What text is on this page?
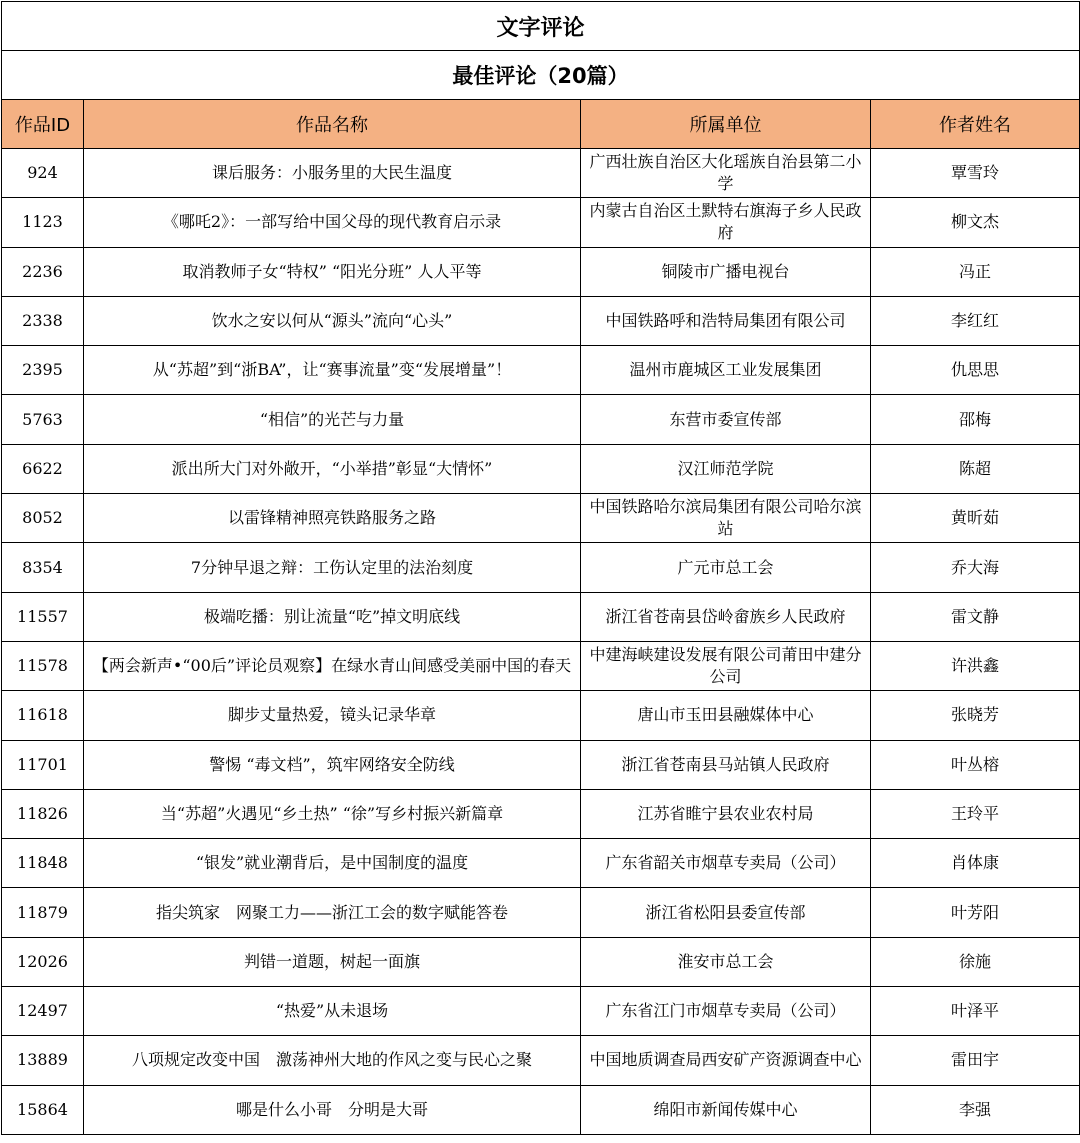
文字评论			
最佳评论（20篇）			
作品ID	作品名称	所属单位	作者姓名
924	课后服务：小服务里的大民生温度	广西壮族自治区大化瑶族自治县第二小学	覃雪玲
1123	《哪吒2》：一部写给中国父母的现代教育启示录	内蒙古自治区土默特右旗海子乡人民政府	柳文杰
2236	取消教师子女“特权” “阳光分班” 人人平等	铜陵市广播电视台	冯正
2338	饮水之安以何从“源头”流向“心头”	中国铁路呼和浩特局集团有限公司	李红红
2395	从“苏超”到“浙BA”，让“赛事流量”变“发展增量”！	温州市鹿城区工业发展集团	仇思思
5763	“相信”的光芒与力量	东营市委宣传部	邵梅
6622	派出所大门对外敞开，“小举措”彰显“大情怀”	汉江师范学院	陈超
8052	以雷锋精神照亮铁路服务之路	中国铁路哈尔滨局集团有限公司哈尔滨站	黄昕茹
8354	7分钟早退之辩：工伤认定里的法治刻度	广元市总工会	乔大海
11557	极端吃播：别让流量“吃”掉文明底线	浙江省苍南县岱岭畲族乡人民政府	雷文静
11578	【两会新声•“00后”评论员观察】在绿水青山间感受美丽中国的春天	中建海峡建设发展有限公司莆田中建分公司	许洪鑫
11618	脚步丈量热爱，镜头记录华章	唐山市玉田县融媒体中心	张晓芳
11701	警惕 “毒文档”，筑牢网络安全防线	浙江省苍南县马站镇人民政府	叶丛榕
11826	当“苏超”火遇见“乡土热” “徐”写乡村振兴新篇章	江苏省睢宁县农业农村局	王玲平
11848	“银发”就业潮背后，是中国制度的温度	广东省韶关市烟草专卖局（公司）	肖体康
11879	指尖筑家　网聚工力——浙江工会的数字赋能答卷	浙江省松阳县委宣传部	叶芳阳
12026	判错一道题，树起一面旗	淮安市总工会	徐施
12497	“热爱”从未退场	广东省江门市烟草专卖局（公司）	叶泽平
13889	八项规定改变中国　激荡神州大地的作风之变与民心之聚	中国地质调查局西安矿产资源调查中心	雷田宇
15864	哪是什么小哥　分明是大哥	绵阳市新闻传媒中心	李强
